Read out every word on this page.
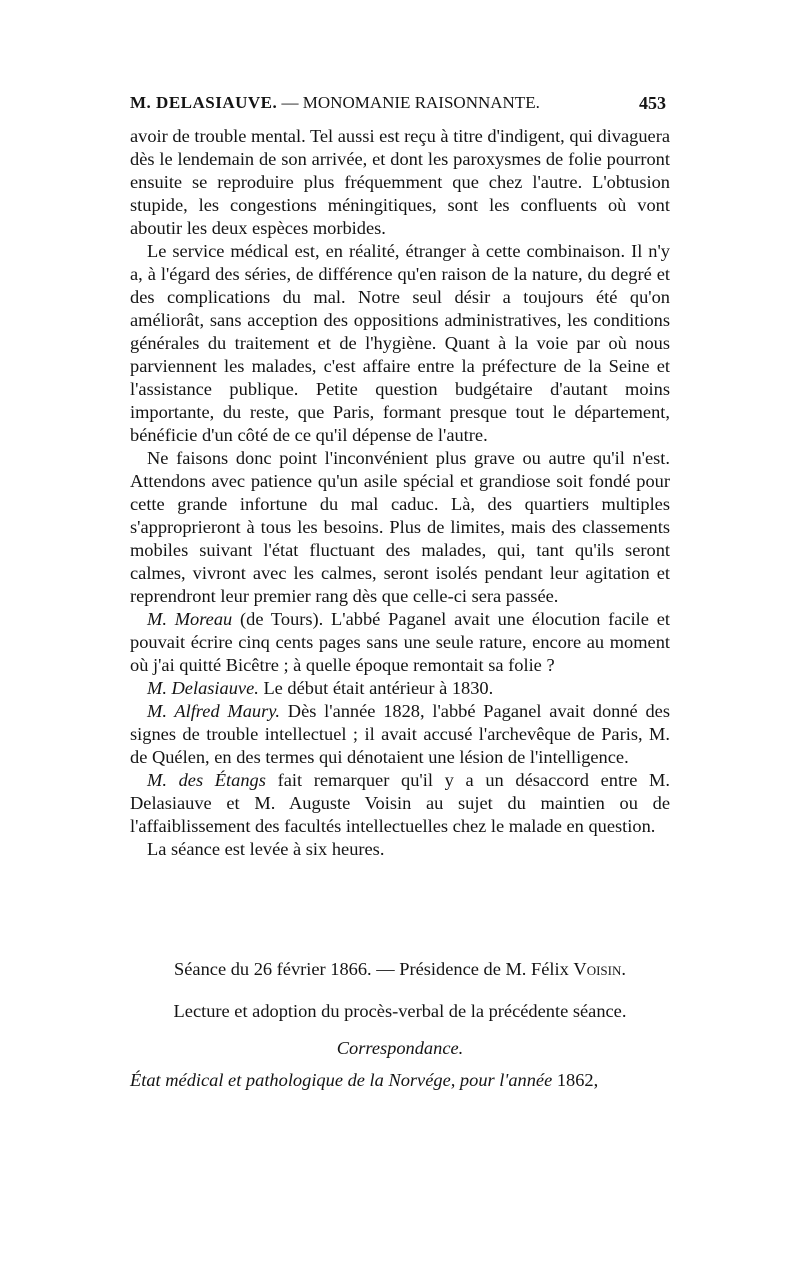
M. DELASIAUVE. — MONOMANIE RAISONNANTE.	453

avoir de trouble mental. Tel aussi est reçu à titre d'indigent, qui divaguera dès le lendemain de son arrivée, et dont les paroxysmes de folie pourront ensuite se reproduire plus fréquemment que chez l'autre. L'obtusion stupide, les congestions méningitiques, sont les confluents où vont aboutir les deux espèces morbides.

Le service médical est, en réalité, étranger à cette combinaison. Il n'y a, à l'égard des séries, de différence qu'en raison de la nature, du degré et des complications du mal. Notre seul désir a toujours été qu'on améliorât, sans acception des oppositions administratives, les conditions générales du traitement et de l'hygiène. Quant à la voie par où nous parviennent les malades, c'est affaire entre la préfecture de la Seine et l'assistance publique. Petite question budgétaire d'autant moins importante, du reste, que Paris, formant presque tout le département, bénéficie d'un côté de ce qu'il dépense de l'autre.

Ne faisons donc point l'inconvénient plus grave ou autre qu'il n'est. Attendons avec patience qu'un asile spécial et grandiose soit fondé pour cette grande infortune du mal caduc. Là, des quartiers multiples s'approprieront à tous les besoins. Plus de limites, mais des classements mobiles suivant l'état fluctuant des malades, qui, tant qu'ils seront calmes, vivront avec les calmes, seront isolés pendant leur agitation et reprendront leur premier rang dès que celle-ci sera passée.

M. Moreau (de Tours). L'abbé Paganel avait une élocution facile et pouvait écrire cinq cents pages sans une seule rature, encore au moment où j'ai quitté Bicêtre ; à quelle époque remontait sa folie ?

M. Delasiauve. Le début était antérieur à 1830.

M. Alfred Maury. Dès l'année 1828, l'abbé Paganel avait donné des signes de trouble intellectuel ; il avait accusé l'archevêque de Paris, M. de Quélen, en des termes qui dénotaient une lésion de l'intelligence.

M. des Étangs fait remarquer qu'il y a un désaccord entre M. Delasiauve et M. Auguste Voisin au sujet du maintien ou de l'affaiblissement des facultés intellectuelles chez le malade en question.

La séance est levée à six heures.

Séance du 26 février 1866. — Présidence de M. Félix Voisin.
Lecture et adoption du procès-verbal de la précédente séance.
Correspondance.
État médical et pathologique de la Norvége, pour l'année 1862,
